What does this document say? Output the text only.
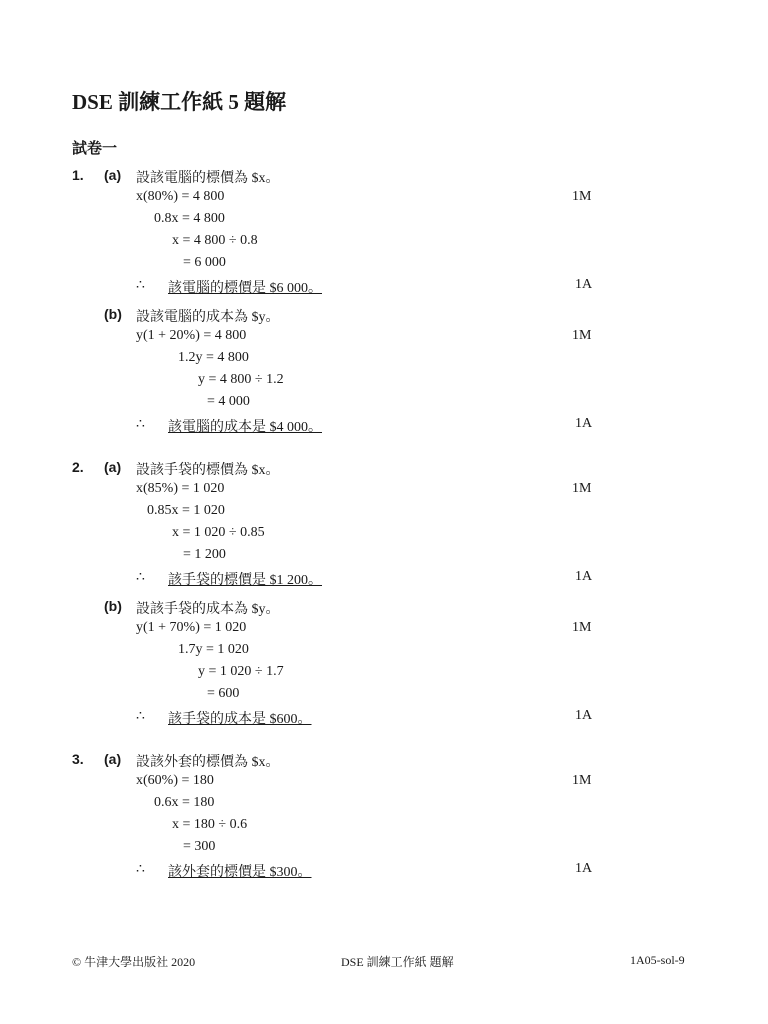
DSE 訓練工作紙 5 題解
試卷一
1. (a) 設該電腦的標價為 $x。
x(80%) = 4 800
0.8x = 4 800
x = 4 800 ÷ 0.8
= 6 000
∴ 該電腦的標價是 $6 000。
1M
1A
(b) 設該電腦的成本為 $y。
y(1 + 20%) = 4 800
1.2y = 4 800
y = 4 800 ÷ 1.2
= 4 000
∴ 該電腦的成本是 $4 000。
1M
1A
2. (a) 設該手袋的標價為 $x。
x(85%) = 1 020
0.85x = 1 020
x = 1 020 ÷ 0.85
= 1 200
∴ 該手袋的標價是 $1 200。
1M
1A
(b) 設該手袋的成本為 $y。
y(1 + 70%) = 1 020
1.7y = 1 020
y = 1 020 ÷ 1.7
= 600
∴ 該手袋的成本是 $600。
1M
1A
3. (a) 設該外套的標價為 $x。
x(60%) = 180
0.6x = 180
x = 180 ÷ 0.6
= 300
∴ 該外套的標價是 $300。
1M
1A
© 牛津大學出版社 2020	DSE 訓練工作紙 題解	1A05-sol-9
